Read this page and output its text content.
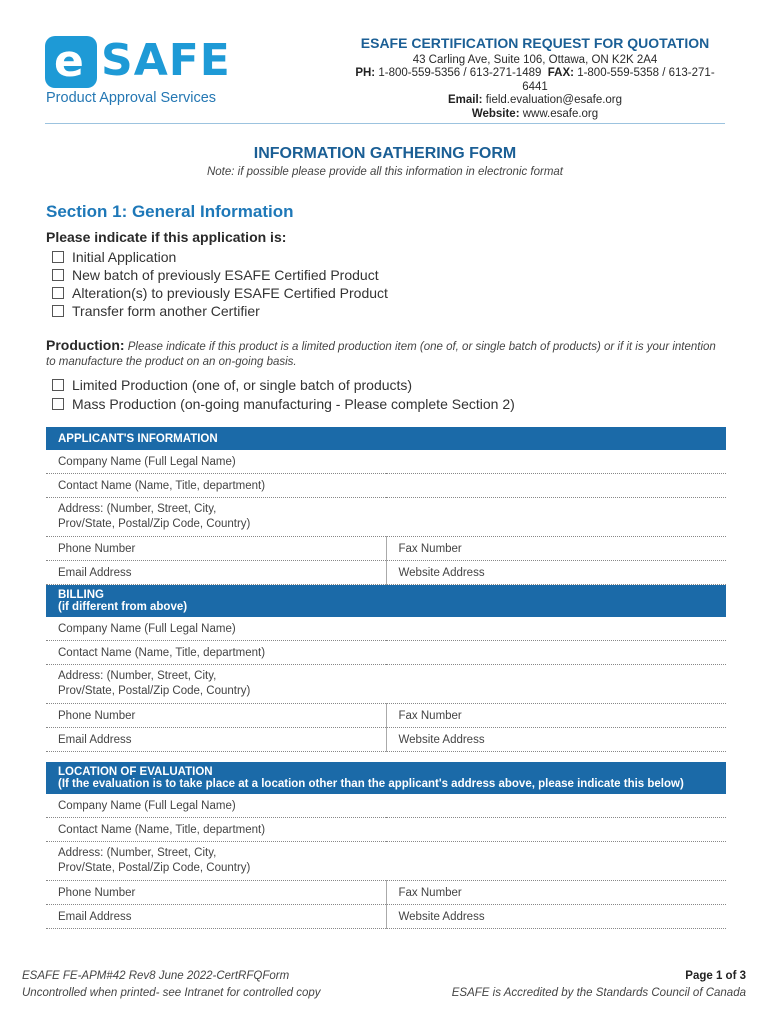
e SAFE
Product Approval Services
ESAFE CERTIFICATION REQUEST FOR QUOTATION
43 Carling Ave, Suite 106, Ottawa, ON K2K 2A4
PH: 1-800-559-5356 / 613-271-1489 FAX: 1-800-559-5358 / 613-271-6441
Email: field.evaluation@esafe.org
Website: www.esafe.org
INFORMATION GATHERING FORM
Note: if possible please provide all this information in electronic format
Section 1: General Information
Please indicate if this application is:
Initial Application
New batch of previously ESAFE Certified Product
Alteration(s) to previously ESAFE Certified Product
Transfer form another Certifier
Production: Please indicate if this product is a limited production item (one of, or single batch of products) or if it is your intention to manufacture the product on an on-going basis.
Limited Production (one of, or single batch of products)
Mass Production (on-going manufacturing - Please complete Section 2)
APPLICANT'S INFORMATION	
Company Name (Full Legal Name)	
Contact Name (Name, Title, department)	
Address: (Number, Street, City,
Prov/State, Postal/Zip Code, Country)	
Phone Number	Fax Number
Email Address	Website Address
BILLING
(if different from above)	
Company Name (Full Legal Name)	
Contact Name (Name, Title, department)	
Address: (Number, Street, City,
Prov/State, Postal/Zip Code, Country)	
Phone Number	Fax Number
Email Address	Website Address
LOCATION OF EVALUATION
(If the evaluation is to take place at a location other than the applicant's address above, please indicate this below)	
Company Name (Full Legal Name)	
Contact Name (Name, Title, department)	
Address: (Number, Street, City,
Prov/State, Postal/Zip Code, Country)	
Phone Number	Fax Number
Email Address	Website Address
ESAFE FE-APM#42 Rev8 June 2022-CertRFQForm
Uncontrolled when printed- see Intranet for controlled copy
Page 1 of 3
ESAFE is Accredited by the Standards Council of Canada
